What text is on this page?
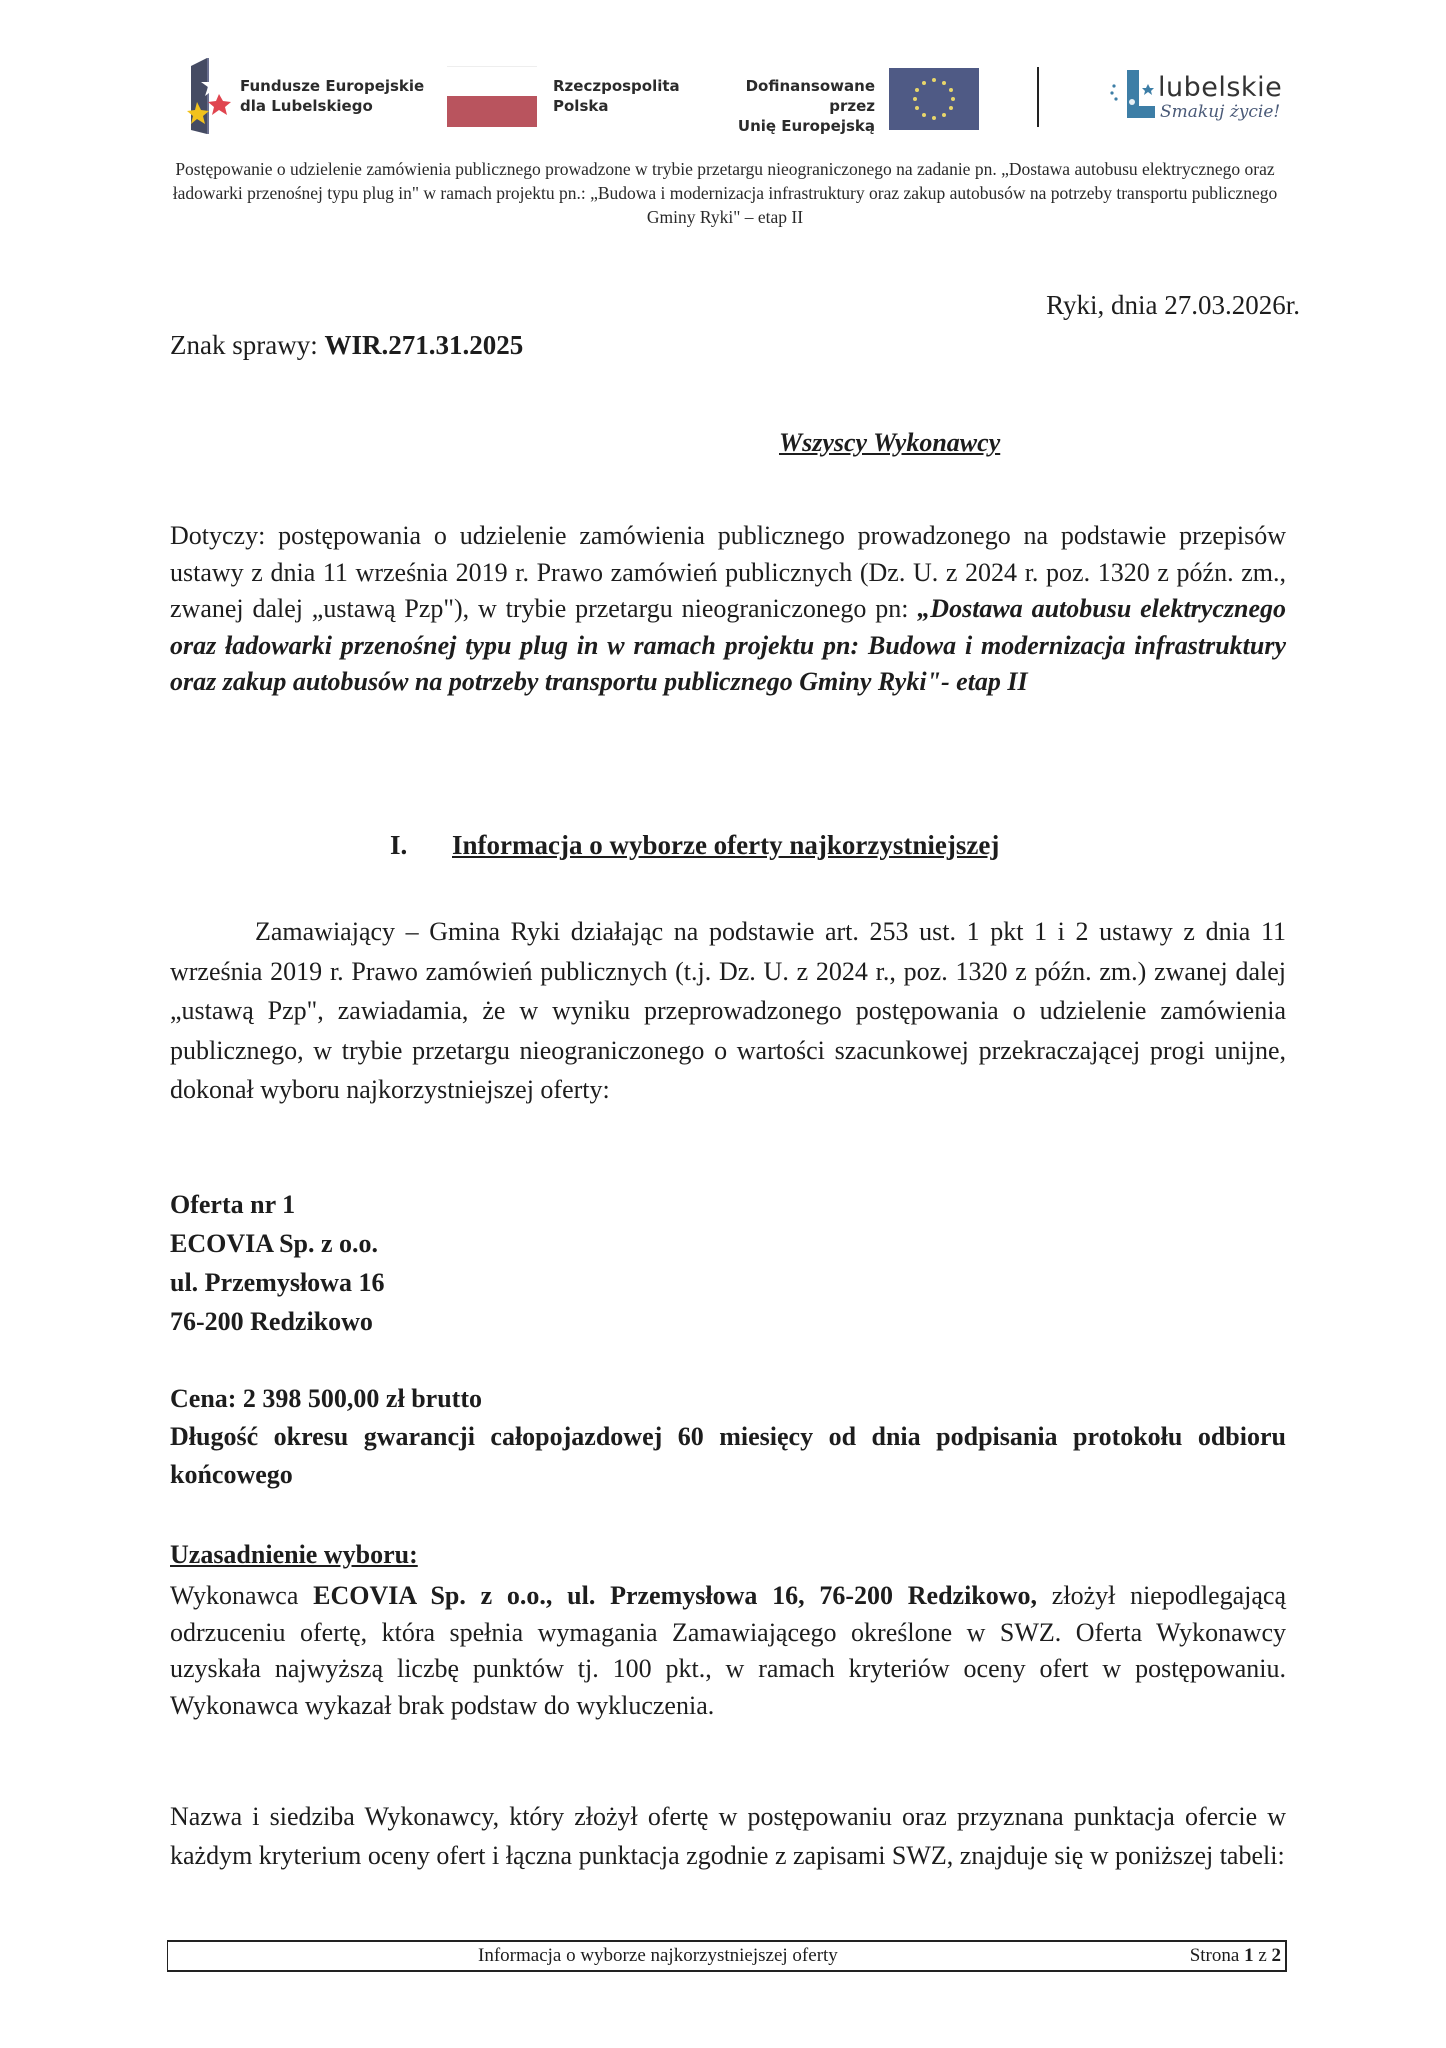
Fundusze Europejskie
dla Lubelskiego
Rzeczpospolita
Polska
Dofinansowane przez
Unię Europejską
lubelskie
Smakuj życie!
Postępowanie o udzielenie zamówienia publicznego prowadzone w trybie przetargu nieograniczonego na zadanie pn. „Dostawa autobusu elektrycznego oraz ładowarki przenośnej typu plug in" w ramach projektu pn.: „Budowa i modernizacja infrastruktury oraz zakup autobusów na potrzeby transportu publicznego Gminy Ryki" – etap II
Ryki, dnia 27.03.2026r.
Znak sprawy: WIR.271.31.2025
Wszyscy Wykonawcy
Dotyczy: postępowania o udzielenie zamówienia publicznego prowadzonego na podstawie przepisów ustawy z dnia 11 września 2019 r. Prawo zamówień publicznych (Dz. U. z 2024 r. poz. 1320 z późn. zm., zwanej dalej „ustawą Pzp"), w trybie przetargu nieograniczonego pn: „Dostawa autobusu elektrycznego oraz ładowarki przenośnej typu plug in w ramach projektu pn: Budowa i modernizacja infrastruktury oraz zakup autobusów na potrzeby transportu publicznego Gminy Ryki"- etap II
I. Informacja o wyborze oferty najkorzystniejszej
Zamawiający – Gmina Ryki działając na podstawie art. 253 ust. 1 pkt 1 i 2 ustawy z dnia 11 września 2019 r. Prawo zamówień publicznych (t.j. Dz. U. z 2024 r., poz. 1320 z późn. zm.) zwanej dalej „ustawą Pzp", zawiadamia, że w wyniku przeprowadzonego postępowania o udzielenie zamówienia publicznego, w trybie przetargu nieograniczonego o wartości szacunkowej przekraczającej progi unijne, dokonał wyboru najkorzystniejszej oferty:
Oferta nr 1
ECOVIA Sp. z o.o.
ul. Przemysłowa 16
76-200 Redzikowo
Cena: 2 398 500,00 zł brutto
Długość okresu gwarancji całopojazdowej 60 miesięcy od dnia podpisania protokołu odbioru końcowego
Uzasadnienie wyboru:
Wykonawca ECOVIA Sp. z o.o., ul. Przemysłowa 16, 76-200 Redzikowo, złożył niepodlegającą odrzuceniu ofertę, która spełnia wymagania Zamawiającego określone w SWZ. Oferta Wykonawcy uzyskała najwyższą liczbę punktów tj. 100 pkt., w ramach kryteriów oceny ofert w postępowaniu. Wykonawca wykazał brak podstaw do wykluczenia.
Nazwa i siedziba Wykonawcy, który złożył ofertę w postępowaniu oraz przyznana punktacja ofercie w każdym kryterium oceny ofert i łączna punktacja zgodnie z zapisami SWZ, znajduje się w poniższej tabeli:
Informacja o wyborze najkorzystniejszej oferty	Strona 1 z 2
